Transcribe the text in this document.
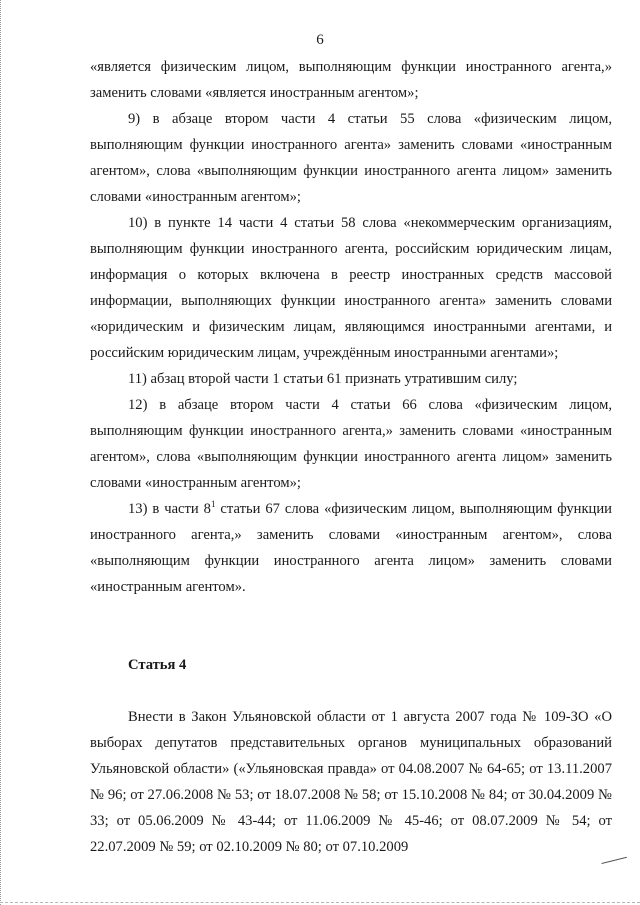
6

«является физическим лицом, выполняющим функции иностранного агента,» заменить словами «является иностранным агентом»;

9) в абзаце втором части 4 статьи 55 слова «физическим лицом, выполняющим функции иностранного агента» заменить словами «иностранным агентом», слова «выполняющим функции иностранного агента лицом» заменить словами «иностранным агентом»;

10) в пункте 14 части 4 статьи 58 слова «некоммерческим организациям, выполняющим функции иностранного агента, российским юридическим лицам, информация о которых включена в реестр иностранных средств массовой информации, выполняющих функции иностранного агента» заменить словами «юридическим и физическим лицам, являющимся иностранными агентами, и российским юридическим лицам, учреждённым иностранными агентами»;

11) абзац второй части 1 статьи 61 признать утратившим силу;

12) в абзаце втором части 4 статьи 66 слова «физическим лицом, выполняющим функции иностранного агента,» заменить словами «иностранным агентом», слова «выполняющим функции иностранного агента лицом» заменить словами «иностранным агентом»;

13) в части $8^1$ статьи 67 слова «физическим лицом, выполняющим функции иностранного агента,» заменить словами «иностранным агентом», слова «выполняющим функции иностранного агента лицом» заменить словами «иностранным агентом».

Статья 4

Внести в Закон Ульяновской области от 1 августа 2007 года № 109-ЗО «О выборах депутатов представительных органов муниципальных образований Ульяновской области» («Ульяновская правда» от 04.08.2007 № 64-65; от 13.11.2007 № 96; от 27.06.2008 № 53; от 18.07.2008 № 58; от 15.10.2008 № 84; от 30.04.2009 № 33; от 05.06.2009 № 43-44; от 11.06.2009 № 45-46; от 08.07.2009 № 54; от 22.07.2009 № 59; от 02.10.2009 № 80; от 07.10.2009
